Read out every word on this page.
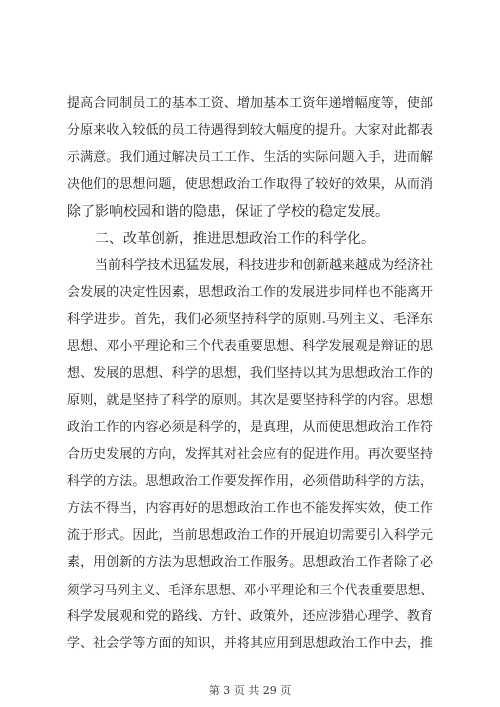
提高合同制员工的基本工资、增加基本工资年递增幅度等，使部
分原来收入较低的员工待遇得到较大幅度的提升。大家对此都表
示满意。我们通过解决员工工作、生活的实际问题入手，进而解
决他们的思想问题，使思想政治工作取得了较好的效果，从而消
除了影响校园和谐的隐患，保证了学校的稳定发展。
二、改革创新，推进思想政治工作的科学化。
当前科学技术迅猛发展，科技进步和创新越来越成为经济社
会发展的决定性因素，思想政治工作的发展进步同样也不能离开
科学进步。首先，我们必须坚持科学的原则.马列主义、毛泽东
思想、邓小平理论和三个代表重要思想、科学发展观是辩证的思
想、发展的思想、科学的思想，我们坚持以其为思想政治工作的
原则，就是坚持了科学的原则。其次是要坚持科学的内容。思想
政治工作的内容必须是科学的，是真理，从而使思想政治工作符
合历史发展的方向，发挥其对社会应有的促进作用。再次要坚持
科学的方法。思想政治工作要发挥作用，必须借助科学的方法，
方法不得当，内容再好的思想政治工作也不能发挥实效，使工作
流于形式。因此，当前思想政治工作的开展迫切需要引入科学元
素，用创新的方法为思想政治工作服务。思想政治工作者除了必
须学习马列主义、毛泽东思想、邓小平理论和三个代表重要思想、
科学发展观和党的路线、方针、政策外，还应涉猎心理学、教育
学、社会学等方面的知识，并将其应用到思想政治工作中去，推
第 3 页 共 29 页
